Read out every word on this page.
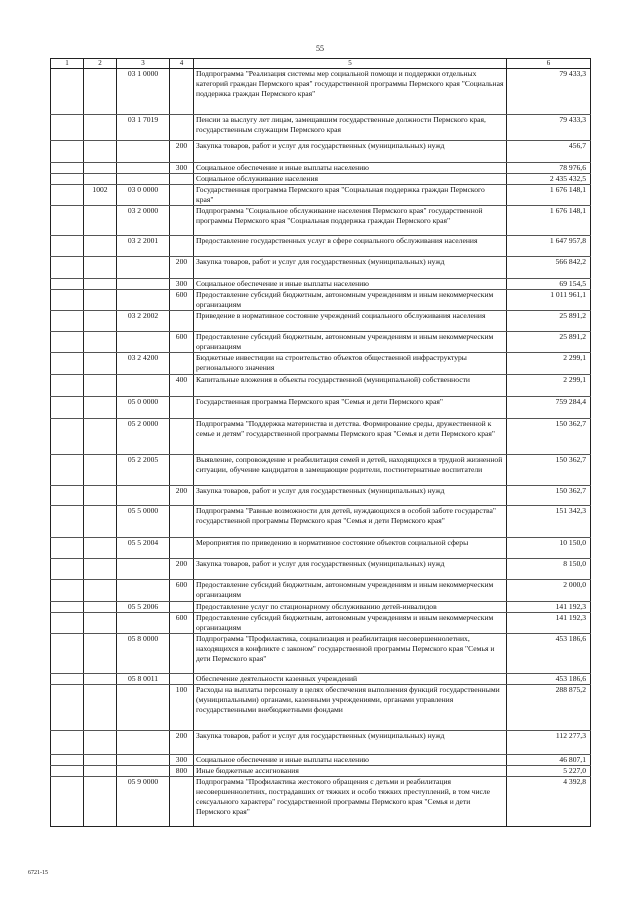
55
1	2	3	4	5	6
		03 1 0000		Подпрограмма "Реализация системы мер социальной помощи и поддержки отдельных категорий граждан Пермского края" государственной программы Пермского края "Социальная поддержка граждан Пермского края"	79 433,3
		03 1 7019		Пенсии за выслугу лет лицам, замещавшим государственные должности Пермского края, государственным служащим Пермского края	79 433,3
			200	Закупка товаров, работ и услуг для государственных (муниципальных) нужд	456,7
			300	Социальное обеспечение и иные выплаты населению	78 976,6
				Социальное обслуживание населения	2 435 432,5
	1002	03 0 0000		Государственная программа Пермского края "Социальная поддержка граждан Пермского края"	1 676 148,1
		03 2 0000		Подпрограмма "Социальное обслуживание населения Пермского края" государственной программы Пермского края "Социальная поддержка граждан Пермского края"	1 676 148,1
		03 2 2001		Предоставление государственных услуг в сфере социального обслуживания населения	1 647 957,8
			200	Закупка товаров, работ и услуг для государственных (муниципальных) нужд	566 842,2
			300	Социальное обеспечение и иные выплаты населению	69 154,5
			600	Предоставление субсидий бюджетным, автономным учреждениям и иным некоммерческим организациям	1 011 961,1
		03 2 2002		Приведение в нормативное состояние учреждений социального обслуживания населения	25 891,2
			600	Предоставление субсидий бюджетным, автономным учреждениям и иным некоммерческим организациям	25 891,2
		03 2 4200		Бюджетные инвестиции на строительство объектов общественной инфраструктуры регионального значения	2 299,1
			400	Капитальные вложения в объекты государственной (муниципальной) собственности	2 299,1
		05 0 0000		Государственная программа Пермского края "Семья и дети Пермского края"	759 284,4
		05 2 0000		Подпрограмма "Поддержка материнства и детства. Формирование среды, дружественной к семье и детям" государственной программы Пермского края "Семья и дети Пермского края"	150 362,7
		05 2 2005		Выявление, сопровождение и реабилитация семей и детей, находящихся в трудной жизненной ситуации, обучение кандидатов в замещающие родители, постинтернатные воспитатели	150 362,7
			200	Закупка товаров, работ и услуг для государственных (муниципальных) нужд	150 362,7
		05 5 0000		Подпрограмма "Равные возможности для детей, нуждающихся в особой заботе государства" государственной программы Пермского края "Семья и дети Пермского края"	151 342,3
		05 5 2004		Мероприятия по приведению в нормативное состояние объектов социальной сферы	10 150,0
			200	Закупка товаров, работ и услуг для государственных (муниципальных) нужд	8 150,0
			600	Предоставление субсидий бюджетным, автономным учреждениям и иным некоммерческим организациям	2 000,0
		05 5 2006		Предоставление услуг по стационарному обслуживанию детей-инвалидов	141 192,3
			600	Предоставление субсидий бюджетным, автономным учреждениям и иным некоммерческим организациям	141 192,3
		05 8 0000		Подпрограмма "Профилактика, социализация и реабилитация несовершеннолетних, находящихся в конфликте с законом" государственной программы Пермского края "Семья и дети Пермского края"	453 186,6
		05 8 0011		Обеспечение деятельности казенных учреждений	453 186,6
			100	Расходы на выплаты персоналу в целях обеспечения выполнения функций государственными (муниципальными) органами, казенными учреждениями, органами управления государственными внебюджетными фондами	288 875,2
			200	Закупка товаров, работ и услуг для государственных (муниципальных) нужд	112 277,3
			300	Социальное обеспечение и иные выплаты населению	46 807,1
			800	Иные бюджетные ассигнования	5 227,0
		05 9 0000		Подпрограмма "Профилактика жестокого обращения с детьми и реабилитация несовершеннолетних, пострадавших от тяжких и особо тяжких преступлений, в том числе сексуального характера" государственной программы Пермского края "Семья и дети Пермского края"	4 392,8
6721-15
